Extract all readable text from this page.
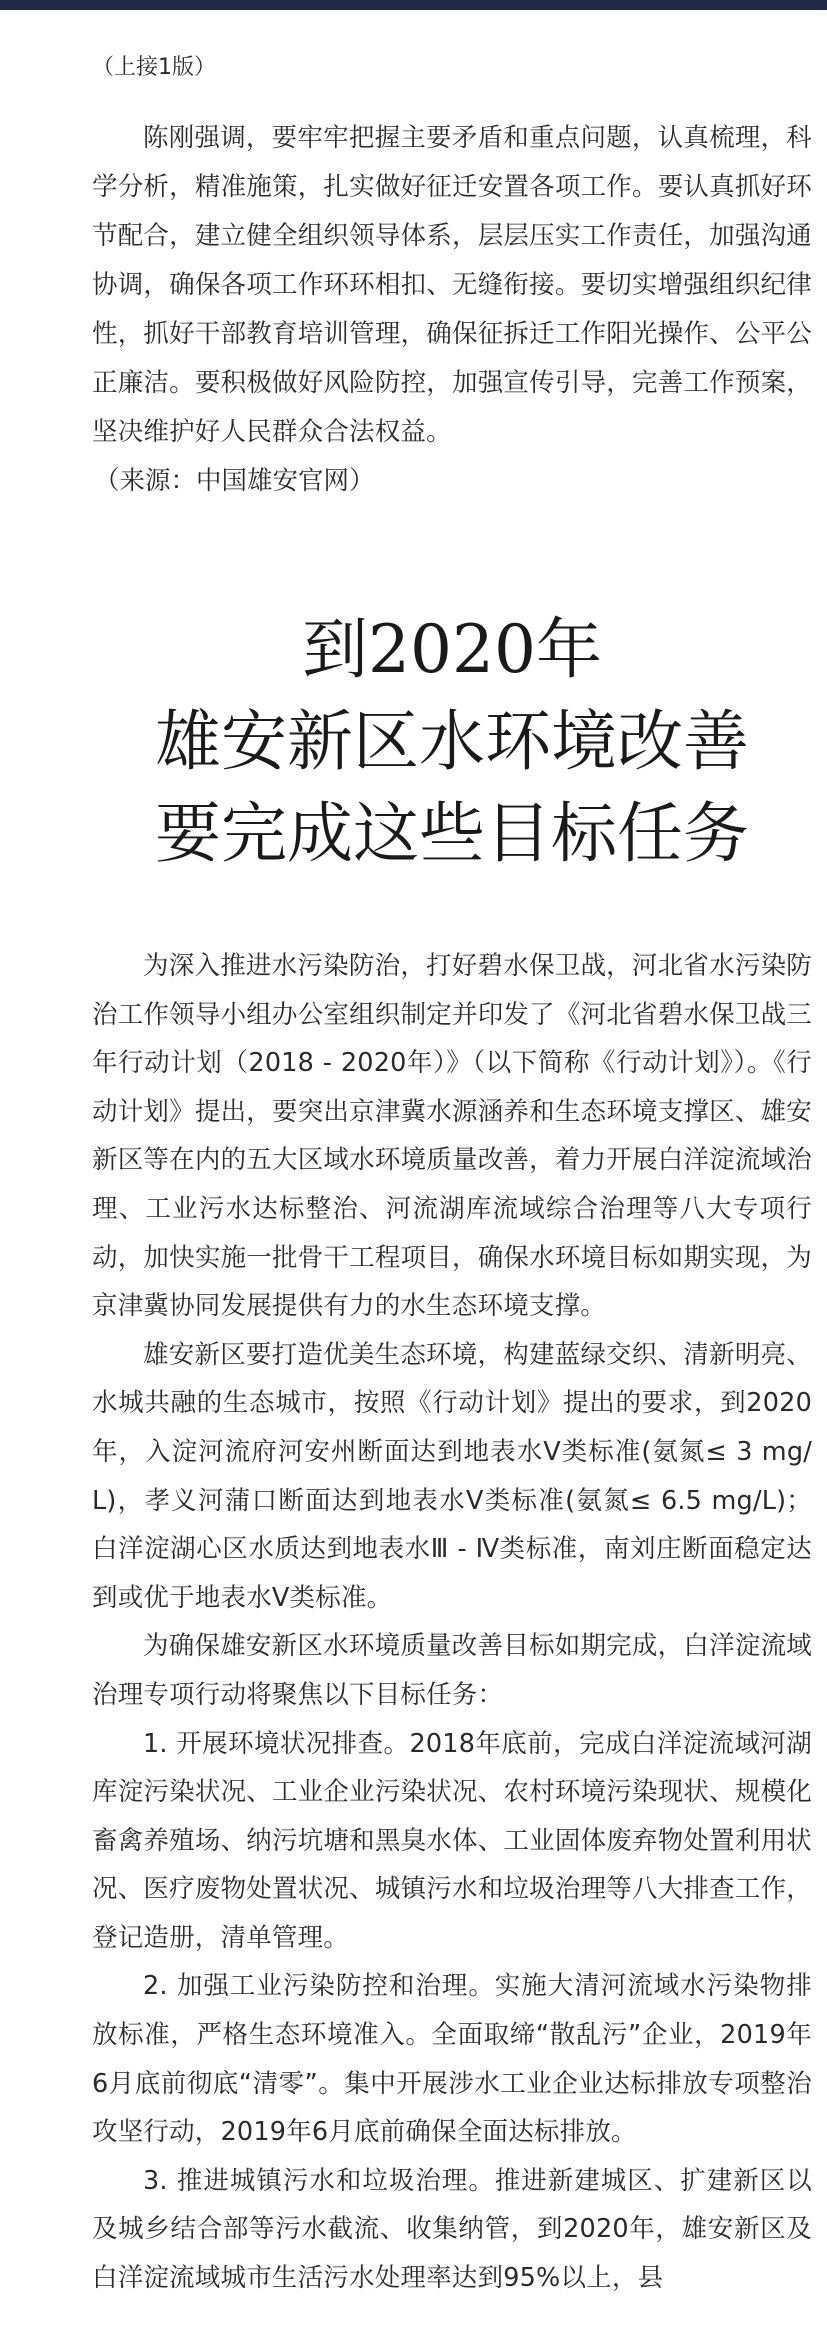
（上接1版）

陈刚强调，要牢牢把握主要矛盾和重点问题，认真梳理，科学分析，精准施策，扎实做好征迁安置各项工作。要认真抓好环节配合，建立健全组织领导体系，层层压实工作责任，加强沟通协调，确保各项工作环环相扣、无缝衔接。要切实增强组织纪律性，抓好干部教育培训管理，确保征拆迁工作阳光操作、公平公正廉洁。要积极做好风险防控，加强宣传引导，完善工作预案，坚决维护好人民群众合法权益。

（来源：中国雄安官网）

到2020年
雄安新区水环境改善
要完成这些目标任务

为深入推进水污染防治，打好碧水保卫战，河北省水污染防治工作领导小组办公室组织制定并印发了《河北省碧水保卫战三年行动计划（2018 - 2020年）》（以下简称《行动计划》）。《行动计划》提出，要突出京津冀水源涵养和生态环境支撑区、雄安新区等在内的五大区域水环境质量改善，着力开展白洋淀流域治理、工业污水达标整治、河流湖库流域综合治理等八大专项行动，加快实施一批骨干工程项目，确保水环境目标如期实现，为京津冀协同发展提供有力的水生态环境支撑。

雄安新区要打造优美生态环境，构建蓝绿交织、清新明亮、水城共融的生态城市，按照《行动计划》提出的要求，到2020年，入淀河流府河安州断面达到地表水Ⅴ类标准(氨氮≤ 3 mg/L)，孝义河蒲口断面达到地表水Ⅴ类标准(氨氮≤ 6.5 mg/L)；白洋淀湖心区水质达到地表水Ⅲ - Ⅳ类标准，南刘庄断面稳定达到或优于地表水Ⅴ类标准。

为确保雄安新区水环境质量改善目标如期完成，白洋淀流域治理专项行动将聚焦以下目标任务：

1. 开展环境状况排查。2018年底前，完成白洋淀流域河湖库淀污染状况、工业企业污染状况、农村环境污染现状、规模化畜禽养殖场、纳污坑塘和黑臭水体、工业固体废弃物处置利用状况、医疗废物处置状况、城镇污水和垃圾治理等八大排查工作，登记造册，清单管理。

2. 加强工业污染防控和治理。实施大清河流域水污染物排放标准，严格生态环境准入。全面取缔“散乱污”企业，2019年6月底前彻底“清零”。集中开展涉水工业企业达标排放专项整治攻坚行动，2019年6月底前确保全面达标排放。

3. 推进城镇污水和垃圾治理。推进新建城区、扩建新区以及城乡结合部等污水截流、收集纳管，到2020年，雄安新区及白洋淀流域城市生活污水处理率达到95%以上，县
